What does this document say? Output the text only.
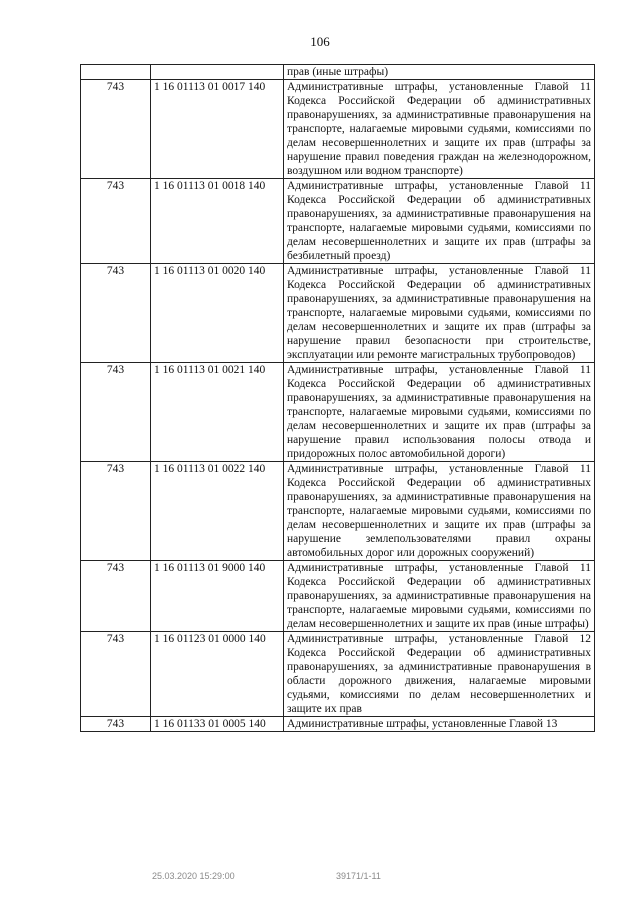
106
		прав (иные штрафы)
743	1 16 01113 01 0017 140	Административные штрафы, установленные Главой 11 Кодекса Российской Федерации об административных правонарушениях, за административные правонарушения на транспорте, налагаемые мировыми судьями, комиссиями по делам несовершеннолетних и защите их прав (штрафы за нарушение правил поведения граждан на железнодорожном, воздушном или водном транспорте)
743	1 16 01113 01 0018 140	Административные штрафы, установленные Главой 11 Кодекса Российской Федерации об административных правонарушениях, за административные правонарушения на транспорте, налагаемые мировыми судьями, комиссиями по делам несовершеннолетних и защите их прав (штрафы за безбилетный проезд)
743	1 16 01113 01 0020 140	Административные штрафы, установленные Главой 11 Кодекса Российской Федерации об административных правонарушениях, за административные правонарушения на транспорте, налагаемые мировыми судьями, комиссиями по делам несовершеннолетних и защите их прав (штрафы за нарушение правил безопасности при строительстве, эксплуатации или ремонте магистральных трубопроводов)
743	1 16 01113 01 0021 140	Административные штрафы, установленные Главой 11 Кодекса Российской Федерации об административных правонарушениях, за административные правонарушения на транспорте, налагаемые мировыми судьями, комиссиями по делам несовершеннолетних и защите их прав (штрафы за нарушение правил использования полосы отвода и придорожных полос автомобильной дороги)
743	1 16 01113 01 0022 140	Административные штрафы, установленные Главой 11 Кодекса Российской Федерации об административных правонарушениях, за административные правонарушения на транспорте, налагаемые мировыми судьями, комиссиями по делам несовершеннолетних и защите их прав (штрафы за нарушение землепользователями правил охраны автомобильных дорог или дорожных сооружений)
743	1 16 01113 01 9000 140	Административные штрафы, установленные Главой 11 Кодекса Российской Федерации об административных правонарушениях, за административные правонарушения на транспорте, налагаемые мировыми судьями, комиссиями по делам несовершеннолетних и защите их прав (иные штрафы)
743	1 16 01123 01 0000 140	Административные штрафы, установленные Главой 12 Кодекса Российской Федерации об административных правонарушениях, за административные правонарушения в области дорожного движения, налагаемые мировыми судьями, комиссиями по делам несовершеннолетних и защите их прав
743	1 16 01133 01 0005 140	Административные штрафы, установленные Главой 13
25.03.2020 15:29:00	39171/1-11
